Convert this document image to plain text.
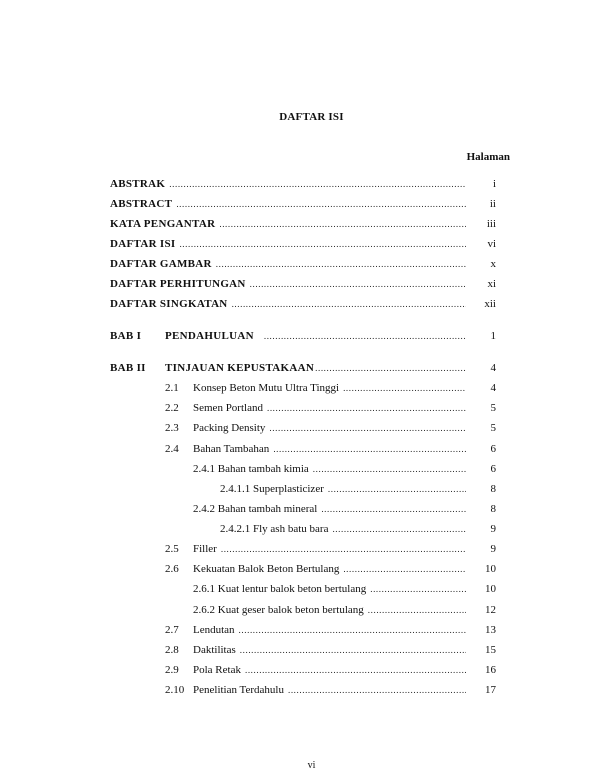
DAFTAR ISI
Halaman
ABSTRAK .....	i
ABSTRACT .....	ii
KATA PENGANTAR .....	iii
DAFTAR ISI .....	vi
DAFTAR GAMBAR .....	x
DAFTAR PERHITUNGAN .....	xi
DAFTAR SINGKATAN .....	xii
BAB I PENDAHULUAN .....	1
BAB II TINJAUAN KEPUSTAKAAN .....	4
2.1 Konsep Beton Mutu Ultra Tinggi .....	4
2.2 Semen Portland .....	5
2.3 Packing Density .....	5
2.4 Bahan Tambahan .....	6
2.4.1 Bahan tambah kimia .....	6
2.4.1.1 Superplasticizer .....	8
2.4.2 Bahan tambah mineral .....	8
2.4.2.1 Fly ash batu bara .....	9
2.5 Filler .....	9
2.6 Kekuatan Balok Beton Bertulang .....	10
2.6.1 Kuat lentur balok beton bertulang .....	10
2.6.2 Kuat geser balok beton bertulang .....	12
2.7 Lendutan .....	13
2.8 Daktilitas .....	15
2.9 Pola Retak .....	16
2.10 Penelitian Terdahulu .....	17
vi
